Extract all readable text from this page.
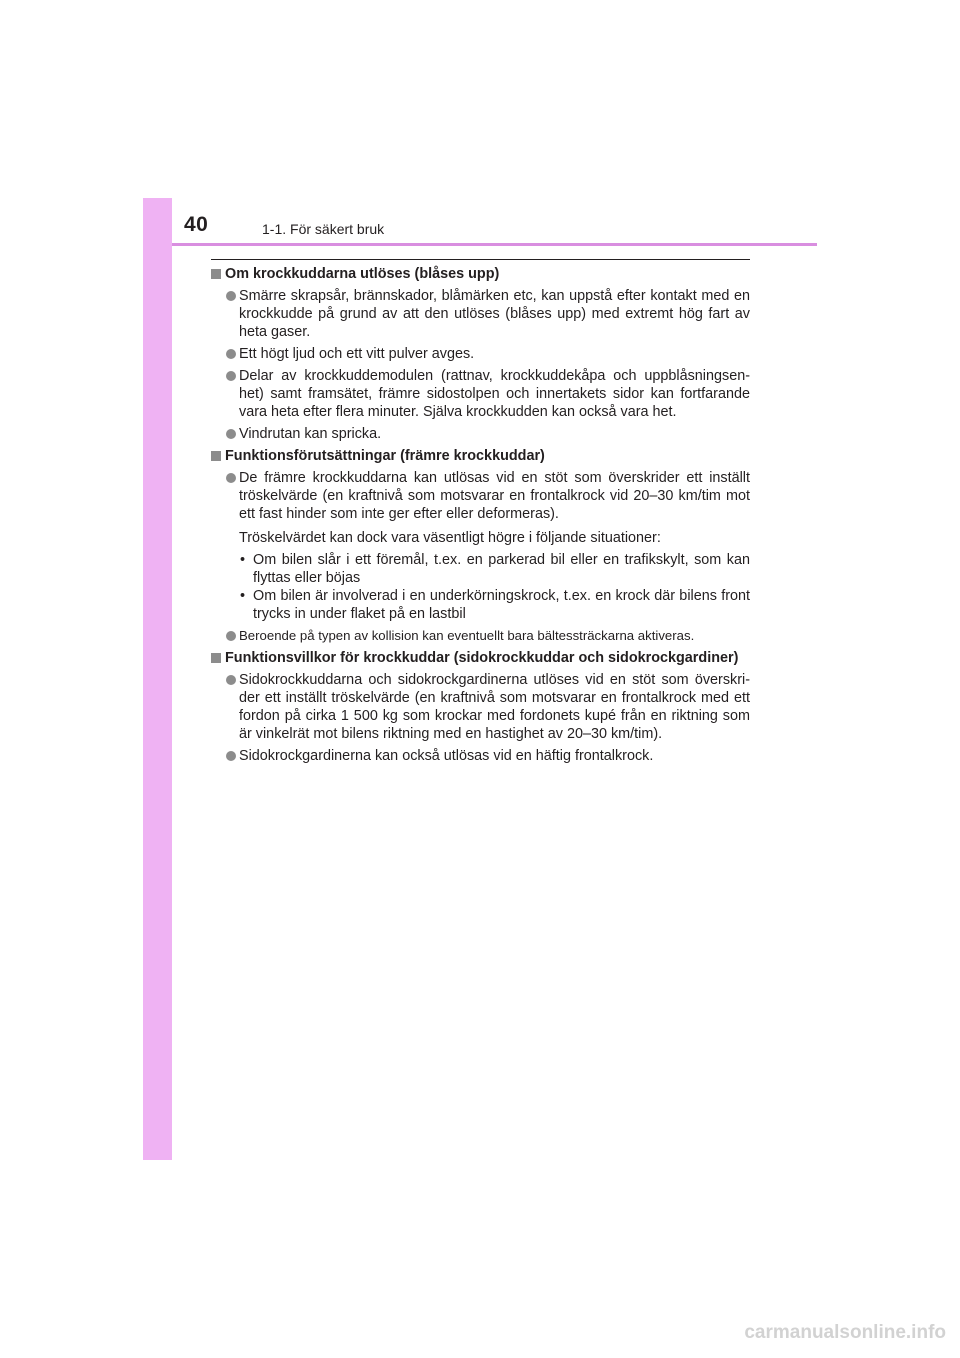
40	1-1. För säkert bruk
Om krockkuddarna utlöses (blåses upp)
Smärre skrapsår, brännskador, blåmärken etc, kan uppstå efter kontakt med en krockkudde på grund av att den utlöses (blåses upp) med extremt hög fart av heta gaser.
Ett högt ljud och ett vitt pulver avges.
Delar av krockkuddemodulen (rattnav, krockkuddekåpa och uppblåsningsen-het) samt framsätet, främre sidostolpen och innertakets sidor kan fortfarande vara heta efter flera minuter. Själva krockkudden kan också vara het.
Vindrutan kan spricka.
Funktionsförutsättningar (främre krockkuddar)
De främre krockkuddarna kan utlösas vid en stöt som överskrider ett inställt tröskelvärde (en kraftnivå som motsvarar en frontalkrock vid 20–30 km/tim mot ett fast hinder som inte ger efter eller deformeras).
Tröskelvärdet kan dock vara väsentligt högre i följande situationer:
• Om bilen slår i ett föremål, t.ex. en parkerad bil eller en trafikskylt, som kan flyttas eller böjas
• Om bilen är involverad i en underkörningskrock, t.ex. en krock där bilens front trycks in under flaket på en lastbil
Beroende på typen av kollision kan eventuellt bara bältessträckarna aktiveras.
Funktionsvillkor för krockkuddar (sidokrockkuddar och sidokrockgardiner)
Sidokrockkuddarna och sidokrockgardinerna utlöses vid en stöt som överskri-der ett inställt tröskelvärde (en kraftnivå som motsvarar en frontalkrock med ett fordon på cirka 1 500 kg som krockar med fordonets kupé från en riktning som är vinkelrät mot bilens riktning med en hastighet av 20–30 km/tim).
Sidokrockgardinerna kan också utlösas vid en häftig frontalkrock.
carmanualsonline.info
